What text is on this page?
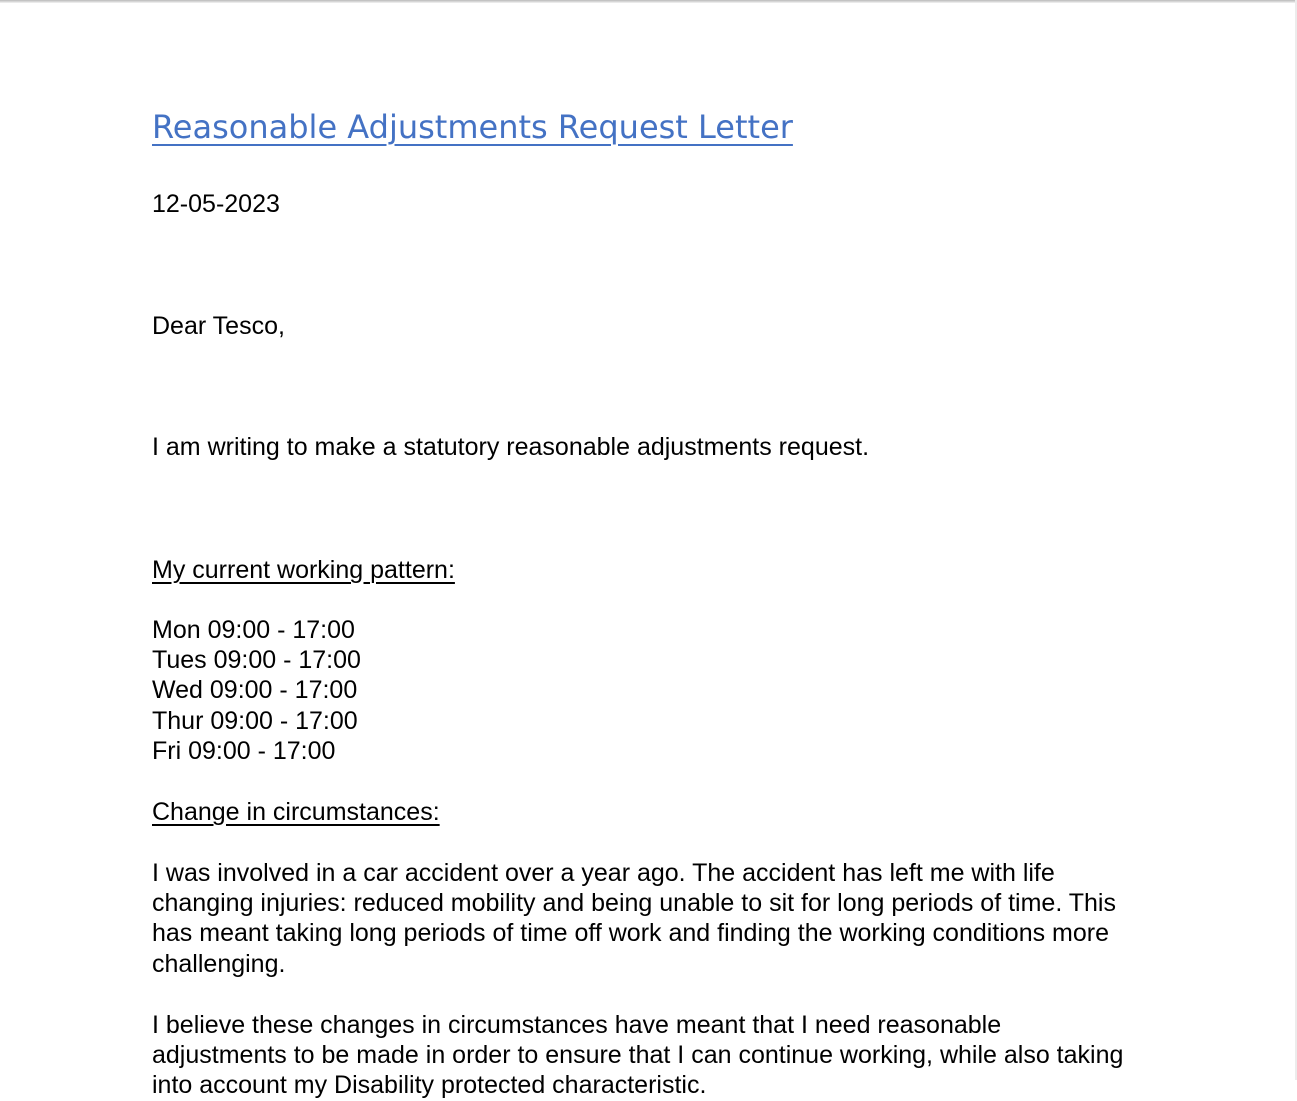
Reasonable Adjustments Request Letter
12-05-2023
Dear Tesco,
I am writing to make a statutory reasonable adjustments request.
My current working pattern:
Mon 09:00 - 17:00
Tues 09:00 - 17:00
Wed 09:00 - 17:00
Thur 09:00 - 17:00
Fri 09:00 - 17:00
Change in circumstances:

I was involved in a car accident over a year ago. The accident has left me with life changing injuries: reduced mobility and being unable to sit for long periods of time. This has meant taking long periods of time off work and finding the working conditions more challenging.

I believe these changes in circumstances have meant that I need reasonable adjustments to be made in order to ensure that I can continue working, while also taking into account my Disability protected characteristic.
